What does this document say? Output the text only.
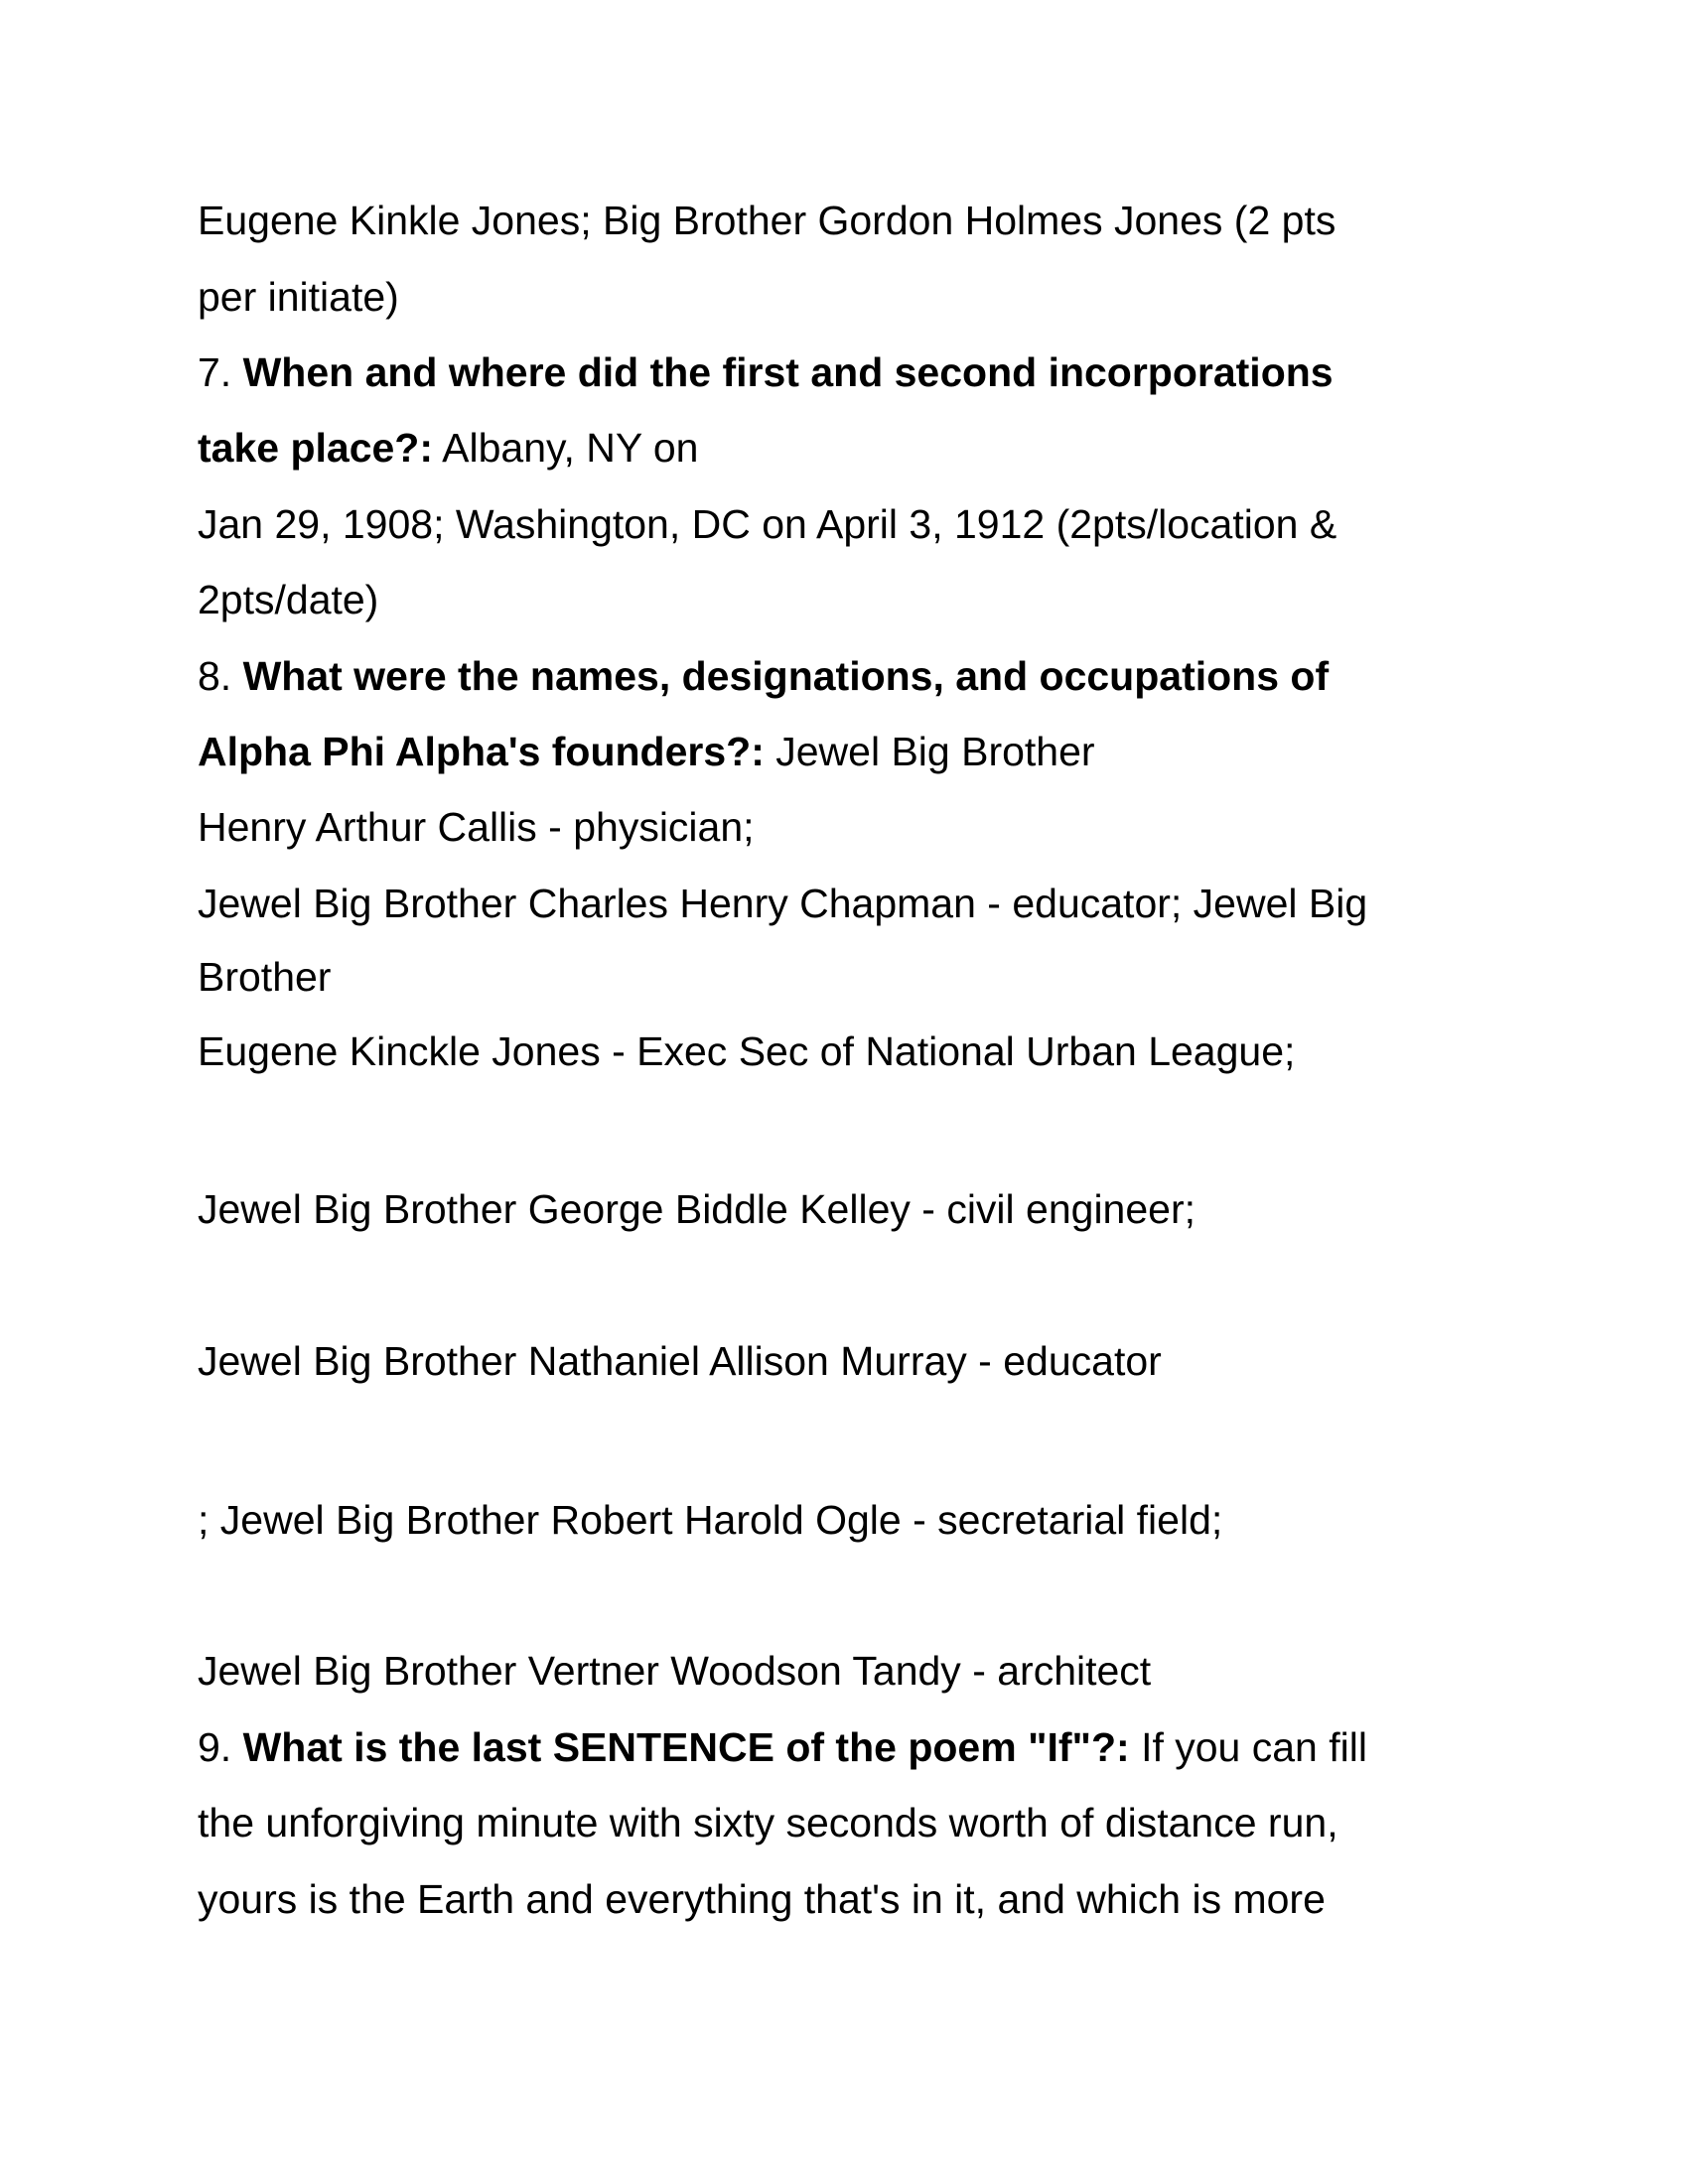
Eugene Kinkle Jones; Big Brother Gordon Holmes Jones (2 pts
per initiate)
7. When and where did the first and second incorporations
take place?: Albany, NY on
Jan 29, 1908; Washington, DC on April 3, 1912 (2pts/location &
2pts/date)
8. What were the names, designations, and occupations of
Alpha Phi Alpha's founders?: Jewel Big Brother
Henry Arthur Callis - physician;
Jewel Big Brother Charles Henry Chapman - educator; Jewel Big
Brother
Eugene Kinckle Jones - Exec Sec of National Urban League;
Jewel Big Brother George Biddle Kelley - civil engineer;
Jewel Big Brother Nathaniel Allison Murray - educator
; Jewel Big Brother Robert Harold Ogle - secretarial field;
Jewel Big Brother Vertner Woodson Tandy - architect
9. What is the last SENTENCE of the poem "If"?: If you can fill
the unforgiving minute with sixty seconds worth of distance run,
yours is the Earth and everything that's in it, and which is more
